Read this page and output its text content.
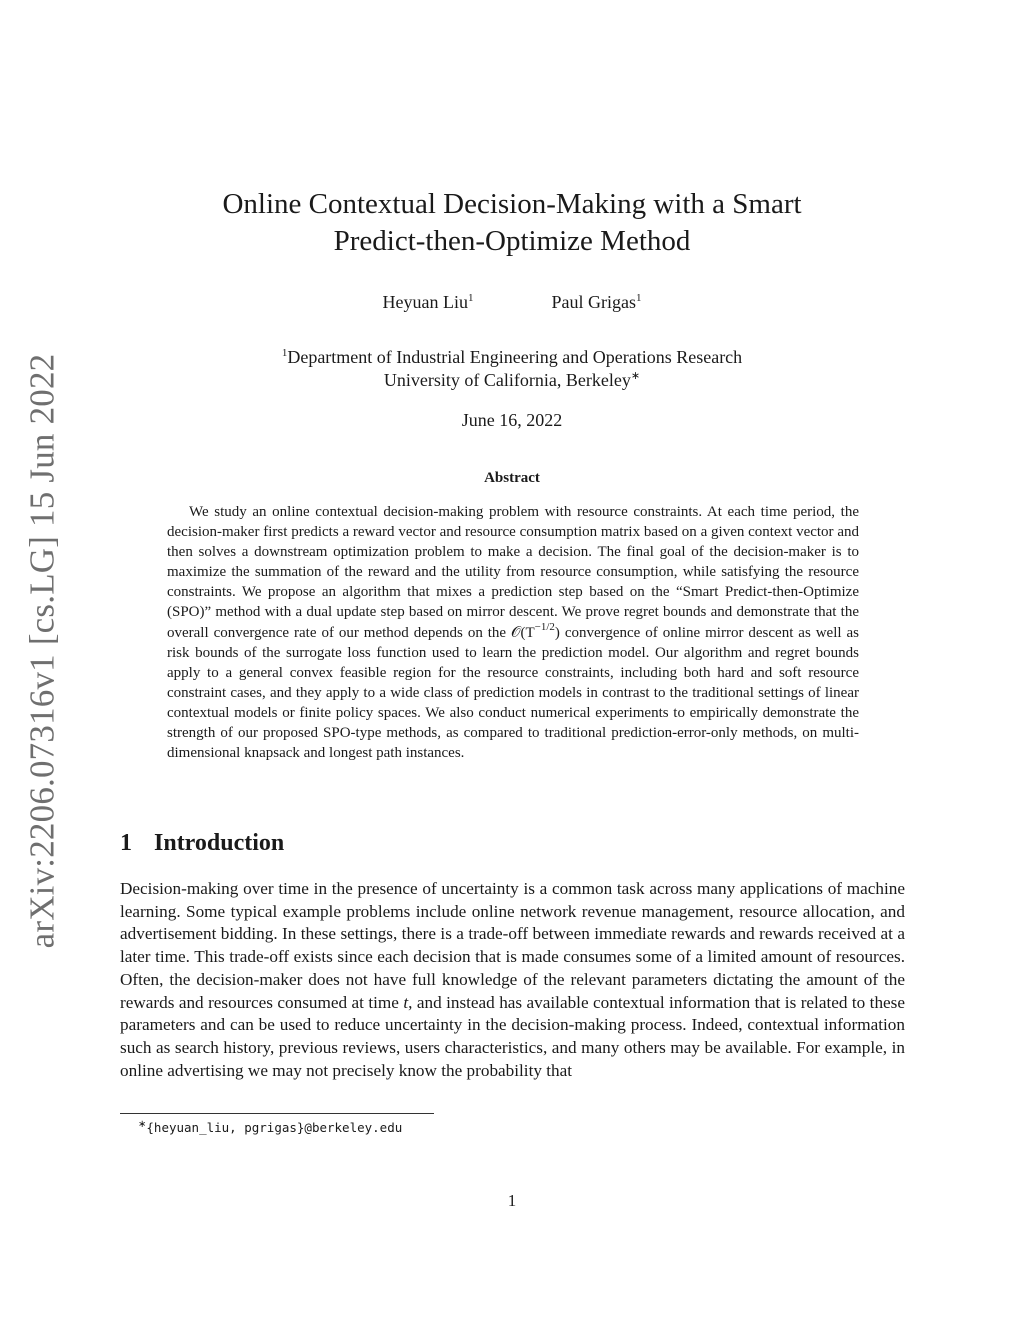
arXiv:2206.07316v1 [cs.LG] 15 Jun 2022
Online Contextual Decision-Making with a Smart
Predict-then-Optimize Method
Heyuan Liu$^1$	Paul Grigas$^1$
$^1$Department of Industrial Engineering and Operations Research
University of California, Berkeley∗
June 16, 2022
Abstract

We study an online contextual decision-making problem with resource constraints. At each time period, the decision-maker first predicts a reward vector and resource consumption matrix based on a given context vector and then solves a downstream optimization problem to make a decision. The final goal of the decision-maker is to maximize the summation of the reward and the utility from resource consumption, while satisfying the resource constraints. We propose an algorithm that mixes a prediction step based on the “Smart Predict-then-Optimize (SPO)” method with a dual update step based on mirror descent. We prove regret bounds and demonstrate that the overall convergence rate of our method depends on the $𝒪(T^{-1/2})$ convergence of online mirror descent as well as risk bounds of the surrogate loss function used to learn the prediction model. Our algorithm and regret bounds apply to a general convex feasible region for the resource constraints, including both hard and soft resource constraint cases, and they apply to a wide class of prediction models in contrast to the traditional settings of linear contextual models or finite policy spaces. We also conduct numerical experiments to empirically demonstrate the strength of our proposed SPO-type methods, as compared to traditional prediction-error-only methods, on multi-dimensional knapsack and longest path instances.

1 Introduction

Decision-making over time in the presence of uncertainty is a common task across many applications of machine learning. Some typical example problems include online network revenue management, resource allocation, and advertisement bidding. In these settings, there is a trade-off between immediate rewards and rewards received at a later time. This trade-off exists since each decision that is made consumes some of a limited amount of resources. Often, the decision-maker does not have full knowledge of the relevant parameters dictating the amount of the rewards and resources consumed at time t, and instead has available contextual information that is related to these parameters and can be used to reduce uncertainty in the decision-making process. Indeed, contextual information such as search history, previous reviews, users characteristics, and many others may be available. For example, in online advertising we may not precisely know the probability that

∗{heyuan_liu, pgrigas}@berkeley.edu
1
